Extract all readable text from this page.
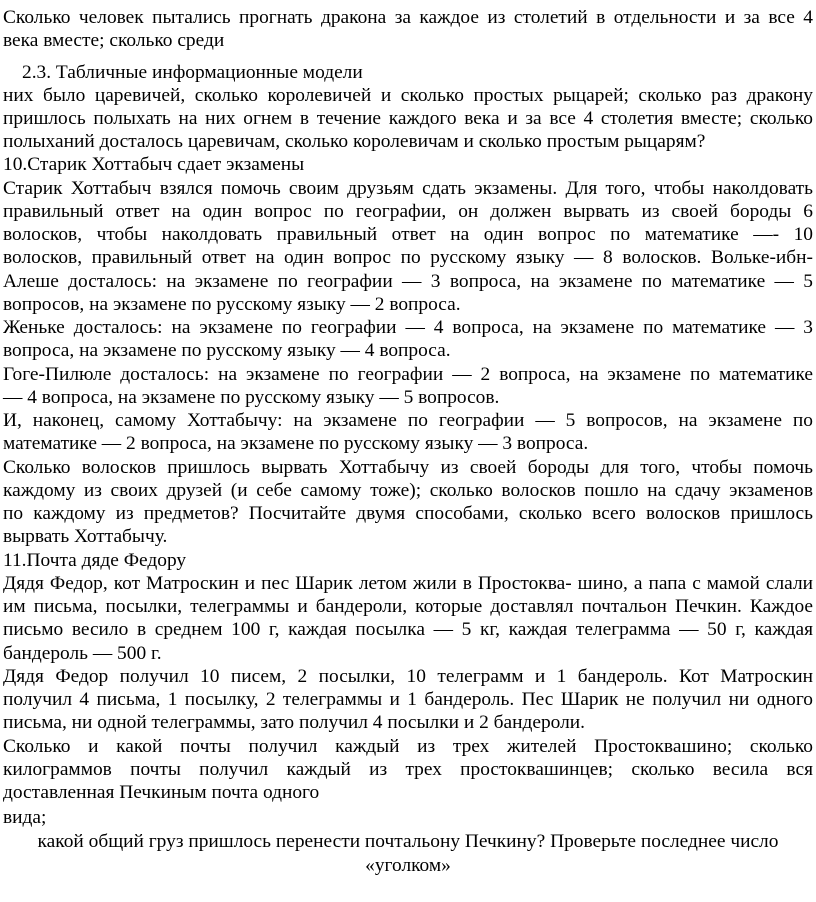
Сколько человек пытались прогнать дракона за каждое из столетий в отдельности и за все 4
века вместе; сколько среди
2.3. Табличные информационные модели
них было царевичей, сколько королевичей и сколько простых рыцарей; сколько раз дракону
пришлось полыхать на них огнем в течение каждого века и за все 4 столетия вместе; сколько
полыханий досталось царевичам, сколько королевичам и сколько простым рыцарям?
10.Старик Хоттабыч сдает экзамены
Старик Хоттабыч взялся помочь своим друзьям сдать экзамены. Для того, чтобы наколдовать
правильный ответ на один вопрос по географии, он должен вырвать из своей бороды 6
волосков, чтобы наколдовать правильный ответ на один вопрос по математике —- 10
волосков, правильный ответ на один вопрос по русскому языку — 8 волосков. Вольке-ибн-
Алеше досталось: на экзамене по географии — 3 вопроса, на экзамене по математике — 5
вопросов, на экзамене по русскому языку — 2 вопроса.
Женьке досталось: на экзамене по географии — 4 вопроса, на экзамене по математике — 3
вопроса, на экзамене по русскому языку — 4 вопроса.
Гоге-Пилюле досталось: на экзамене по географии — 2 вопроса, на экзамене по математике
— 4 вопроса, на экзамене по русскому языку — 5 вопросов.
И, наконец, самому Хоттабычу: на экзамене по географии — 5 вопросов, на экзамене по
математике — 2 вопроса, на экзамене по русскому языку — 3 вопроса.
Сколько волосков пришлось вырвать Хоттабычу из своей бороды для того, чтобы помочь
каждому из своих друзей (и себе самому тоже); сколько волосков пошло на сдачу экзаменов
по каждому из предметов? Посчитайте двумя способами, сколько всего волосков пришлось
вырвать Хоттабычу.
11.Почта дяде Федору
Дядя Федор, кот Матроскин и пес Шарик летом жили в Простоква- шино, а папа с мамой слали
им письма, посылки, телеграммы и бандероли, которые доставлял почтальон Печкин. Каждое
письмо весило в среднем 100 г, каждая посылка — 5 кг, каждая телеграмма — 50 г, каждая
бандероль — 500 г.
Дядя Федор получил 10 писем, 2 посылки, 10 телеграмм и 1 бандероль. Кот Матроскин
получил 4 письма, 1 посылку, 2 телеграммы и 1 бандероль. Пес Шарик не получил ни одного
письма, ни одной телеграммы, зато получил 4 посылки и 2 бандероли.
Сколько и какой почты получил каждый из трех жителей Простоквашино; сколько
килограммов почты получил каждый из трех простоквашинцев; сколько весила вся
доставленная Печкиным почта одного
вида;
какой общий груз пришлось перенести почтальону Печкину? Проверьте последнее число
«уголком»
